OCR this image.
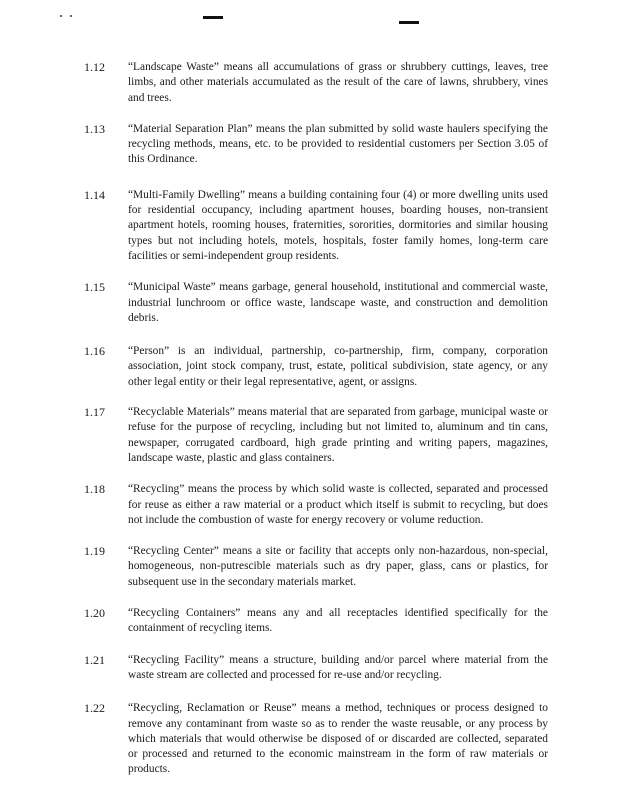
1.12	“Landscape Waste” means all accumulations of grass or shrubbery cuttings, leaves, tree limbs, and other materials accumulated as the result of the care of lawns, shrubbery, vines and trees.
1.13	“Material Separation Plan” means the plan submitted by solid waste haulers specifying the recycling methods, means, etc. to be provided to residential customers per Section 3.05 of this Ordinance.
1.14	“Multi-Family Dwelling” means a building containing four (4) or more dwelling units used for residential occupancy, including apartment houses, boarding houses, non-transient apartment hotels, rooming houses, fraternities, sororities, dormitories and similar housing types but not including hotels, motels, hospitals, foster family homes, long-term care facilities or semi-independent group residents.
1.15	“Municipal Waste” means garbage, general household, institutional and commercial waste, industrial lunchroom or office waste, landscape waste, and construction and demolition debris.
1.16	“Person” is an individual, partnership, co-partnership, firm, company, corporation association, joint stock company, trust, estate, political subdivision, state agency, or any other legal entity or their legal representative, agent, or assigns.
1.17	“Recyclable Materials” means material that are separated from garbage, municipal waste or refuse for the purpose of recycling, including but not limited to, aluminum and tin cans, newspaper, corrugated cardboard, high grade printing and writing papers, magazines, landscape waste, plastic and glass containers.
1.18	“Recycling” means the process by which solid waste is collected, separated and processed for reuse as either a raw material or a product which itself is submit to recycling, but does not include the combustion of waste for energy recovery or volume reduction.
1.19	“Recycling Center” means a site or facility that accepts only non-hazardous, non-special, homogeneous, non-putrescible materials such as dry paper, glass, cans or plastics, for subsequent use in the secondary materials market.
1.20	“Recycling Containers” means any and all receptacles identified specifically for the containment of recycling items.
1.21	“Recycling Facility” means a structure, building and/or parcel where material from the waste stream are collected and processed for re-use and/or recycling.
1.22	“Recycling, Reclamation or Reuse” means a method, techniques or process designed to remove any contaminant from waste so as to render the waste reusable, or any process by which materials that would otherwise be disposed of or discarded are collected, separated or processed and returned to the economic mainstream in the form of raw materials or products.
